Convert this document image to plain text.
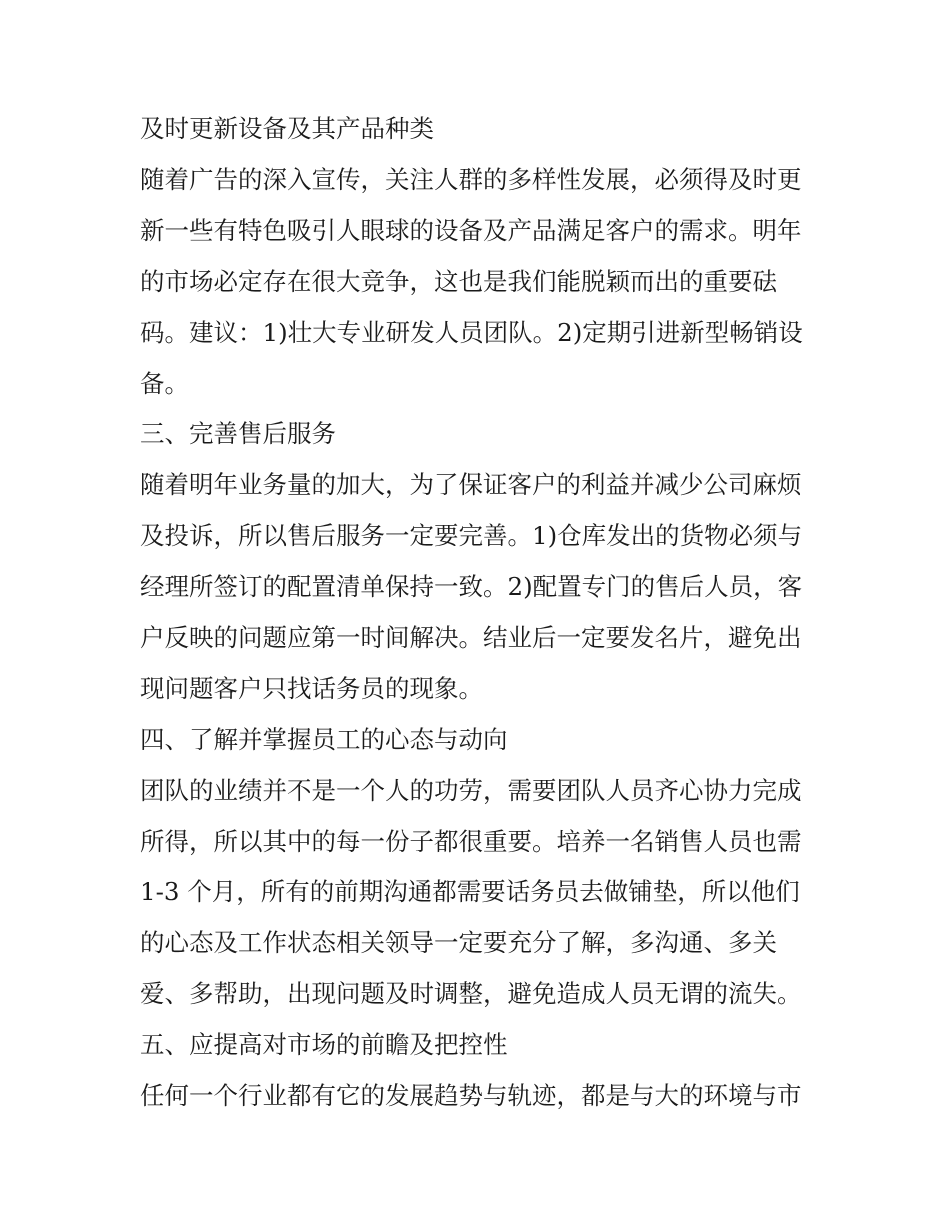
及时更新设备及其产品种类

随着广告的深入宣传，关注人群的多样性发展，必须得及时更

新一些有特色吸引人眼球的设备及产品满足客户的需求。明年

的市场必定存在很大竞争，这也是我们能脱颖而出的重要砝

码。建议：1)壮大专业研发人员团队。2)定期引进新型畅销设

备。

三、完善售后服务

随着明年业务量的加大，为了保证客户的利益并减少公司麻烦

及投诉，所以售后服务一定要完善。1)仓库发出的货物必须与

经理所签订的配置清单保持一致。2)配置专门的售后人员，客

户反映的问题应第一时间解决。结业后一定要发名片，避免出

现问题客户只找话务员的现象。

四、了解并掌握员工的心态与动向

团队的业绩并不是一个人的功劳，需要团队人员齐心协力完成

所得，所以其中的每一份子都很重要。培养一名销售人员也需

1-3 个月，所有的前期沟通都需要话务员去做铺垫，所以他们

的心态及工作状态相关领导一定要充分了解，多沟通、多关

爱、多帮助，出现问题及时调整，避免造成人员无谓的流失。

五、应提高对市场的前瞻及把控性

任何一个行业都有它的发展趋势与轨迹，都是与大的环境与市
